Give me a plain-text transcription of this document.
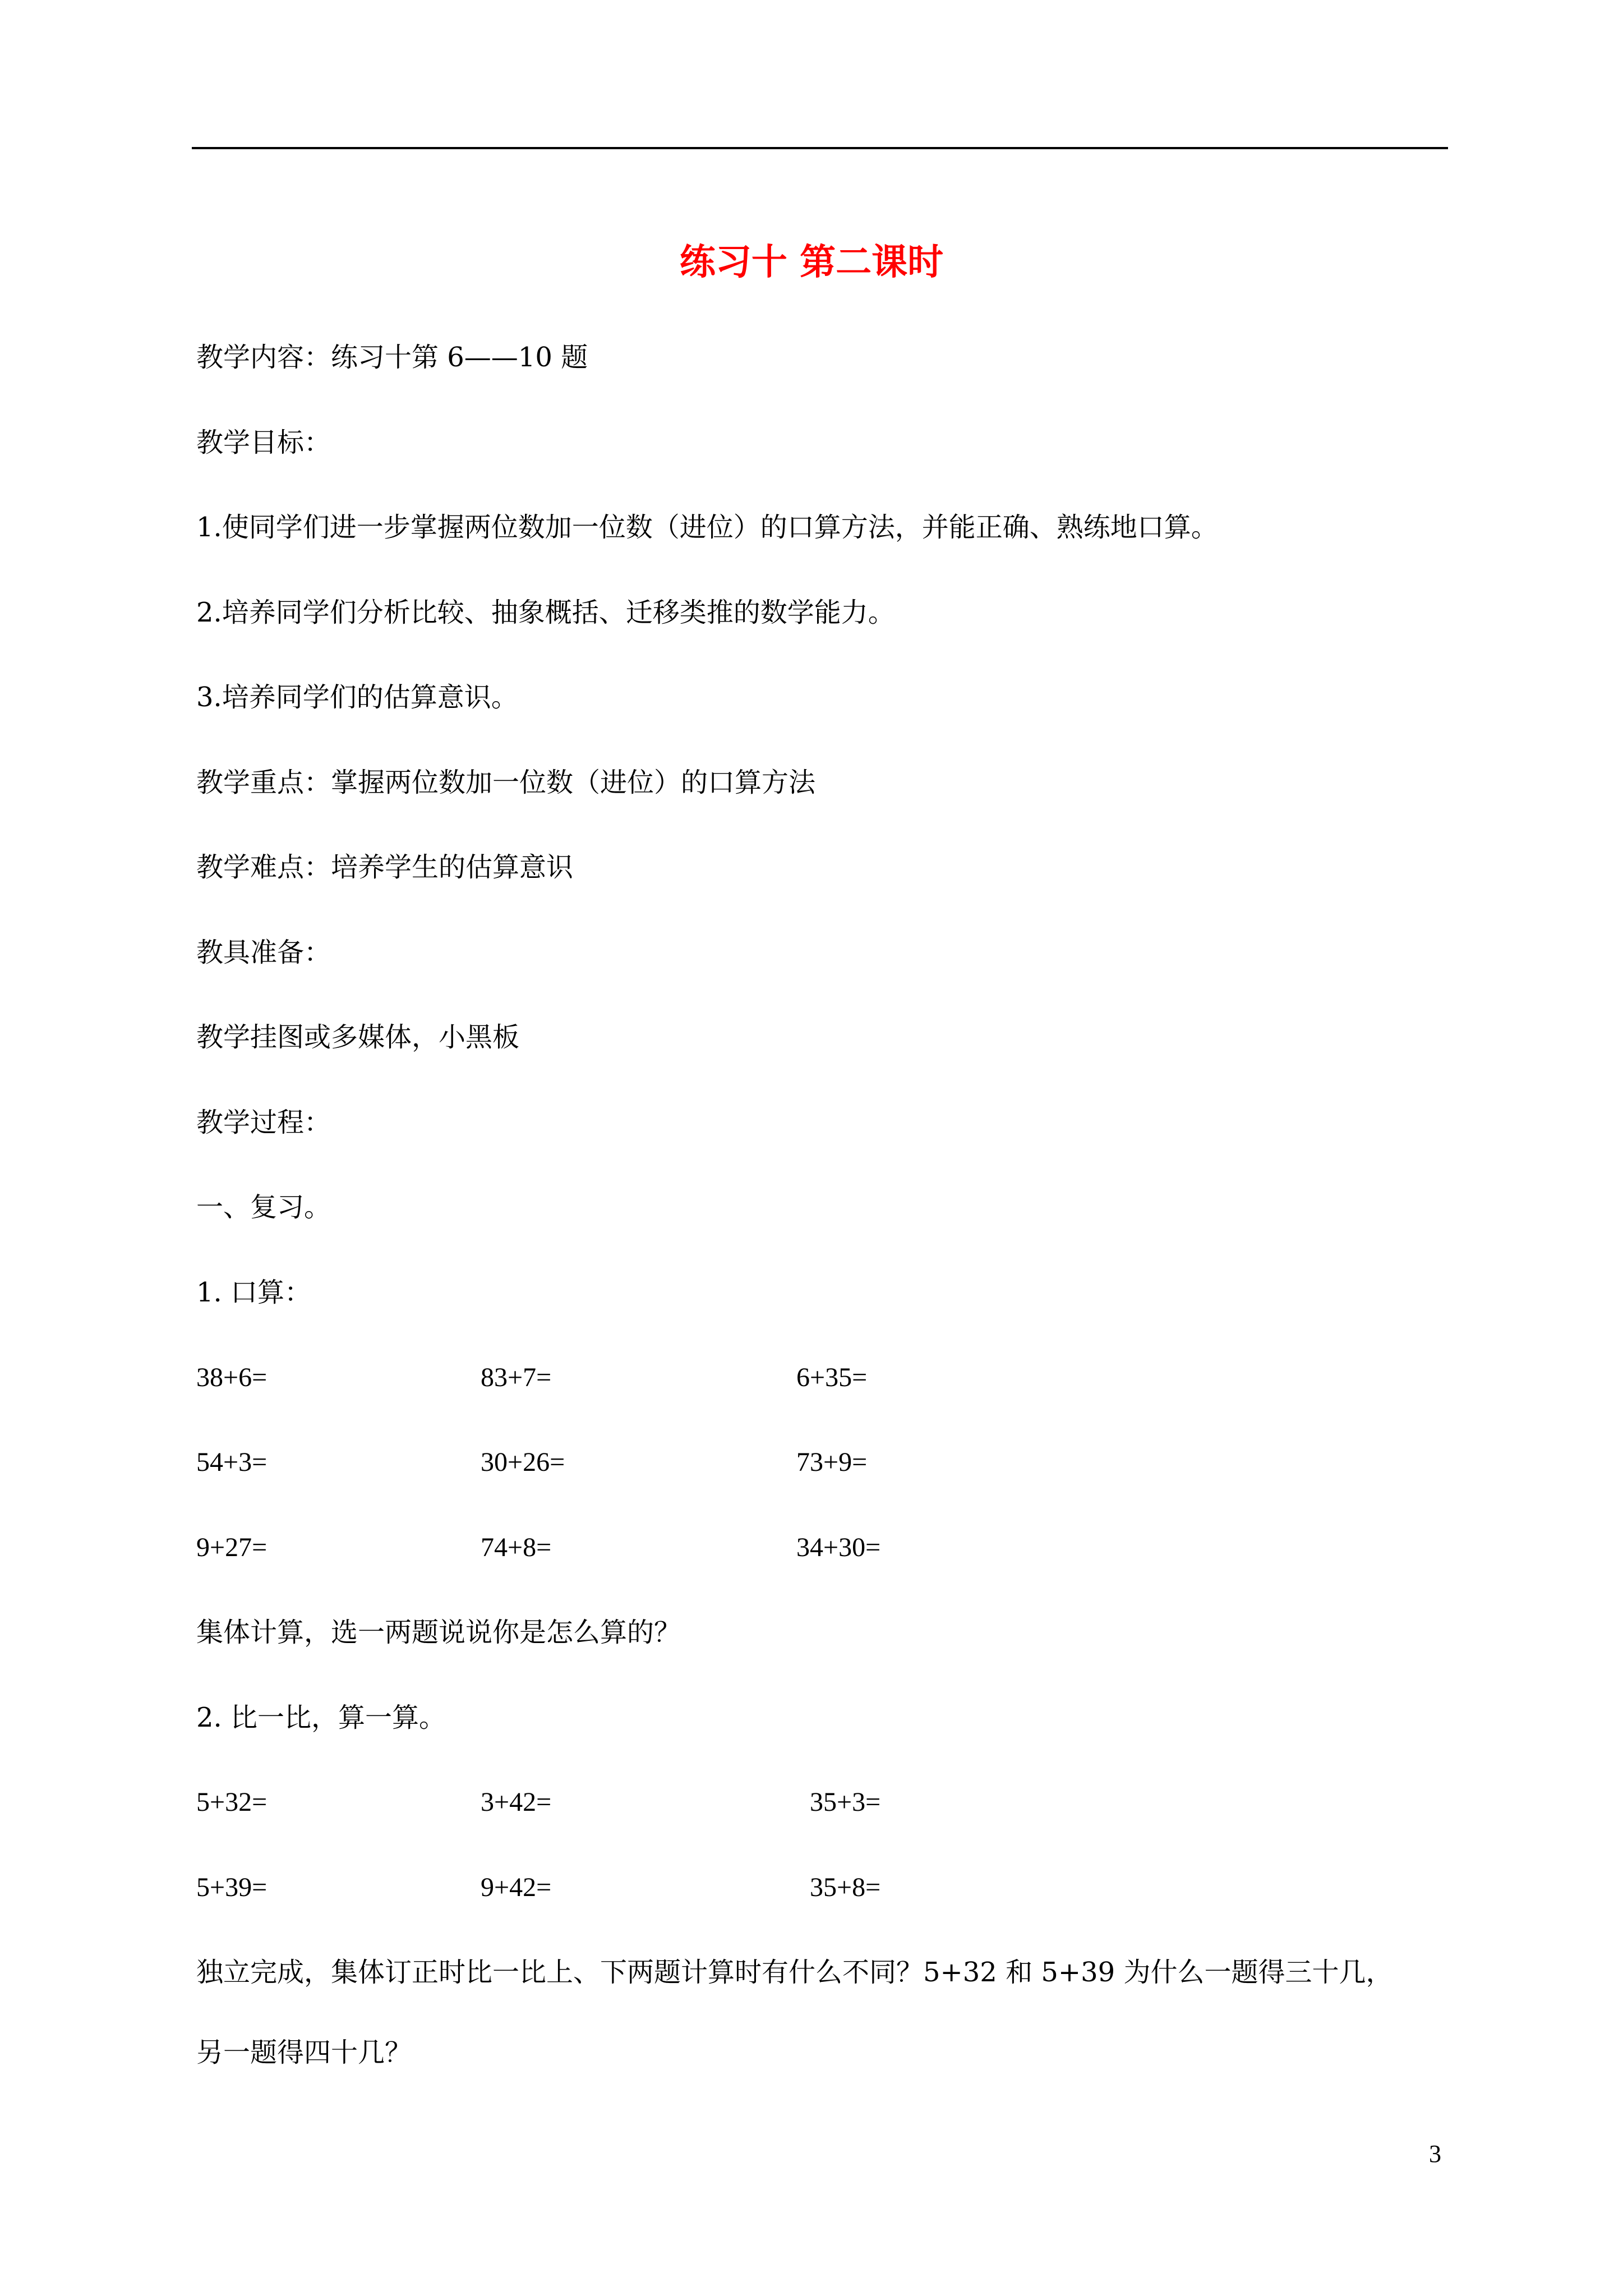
练习十 第二课时
教学内容：练习十第 6——10 题
教学目标：
1.使同学们进一步掌握两位数加一位数（进位）的口算方法，并能正确、熟练地口算。
2.培养同学们分析比较、抽象概括、迁移类推的数学能力。
3.培养同学们的估算意识。
教学重点：掌握两位数加一位数（进位）的口算方法
教学难点：培养学生的估算意识
教具准备：
教学挂图或多媒体，小黑板
教学过程：
一、复习。
1. 口算：
38+6=	83+7=	6+35=
54+3=	30+26=	73+9=
9+27=	74+8=	34+30=
集体计算，选一两题说说你是怎么算的？
2. 比一比，算一算。
5+32=	3+42=	35+3=
5+39=	9+42=	35+8=
独立完成，集体订正时比一比上、下两题计算时有什么不同？5+32 和 5+39 为什么一题得三十几，
另一题得四十几？
3
